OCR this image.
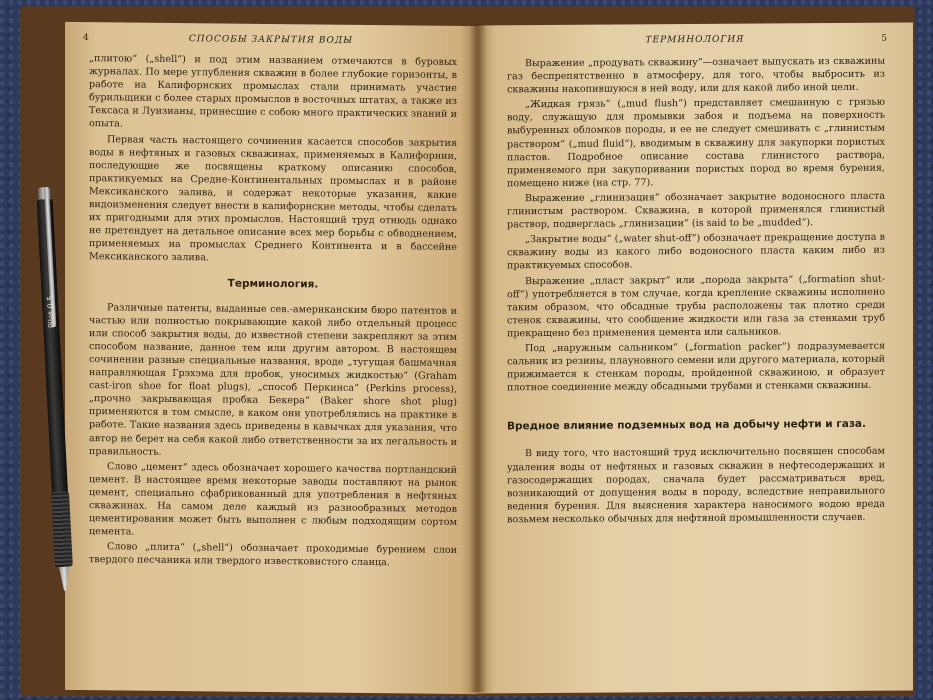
4	СПОСОБЫ ЗАКРЫТИЯ ВОДЫ

„плитою“ („shell“) и под этим названием отмечаются в буровых журналах. По мере углубления скважин в более глубокие горизонты, в работе на Калифорнских промыслах стали принимать участие бурильщики с более старых промыслов в восточных штатах, а также из Тексаса и Луизианы, принесшие с собою много практических знаний и опыта.

Первая часть настоящего сочинения касается способов закрытия воды в нефтяных и газовых скважинах, применяемых в Калифорнии, последующие же посвящены краткому описанию способов, практикуемых на Средне-Континентальных промыслах и в районе Мексиканского залива, и содержат некоторые указания, какие видоизменения следует внести в калифорнские методы, чтобы сделать их пригодными для этих промыслов. Настоящий труд отнюдь однако не претендует на детальное описание всех мер борьбы с обводнением, применяемых на промыслах Среднего Континента и в бассейне Мексиканского залива.

Терминология.

Различные патенты, выданные сев.-американским бюро патентов и частью или полностью покрывающие какой либо отдельный процесс или способ закрытия воды, до известной степени закрепляют за этим способом название, данное тем или другим автором. В настоящем сочинении разные специальные названия, вроде „тугущая башмачная направляющая Грэхэма для пробок, уносимых жидкостью“ (Graham cast-iron shoe for float plugs), „способ Перкинса“ (Perkins process), „прочно закрывающая пробка Бекера“ (Baker shore shot plug) применяются в том смысле, в каком они употреблялись на практике в работе. Такие названия здесь приведены в кавычках для указания, что автор не берет на себя какой либо ответственности за их легальность и правильность.

Слово „цемент“ здесь обозначает хорошего качества портландский цемент. В настоящее время некоторые заводы поставляют на рынок цемент, специально сфабрикованный для употребления в нефтяных скважинах. На самом деле каждый из разнообразных методов цементирования может быть выполнен с любым подходящим сортом цемента.

Слово „плита“ („shell“) обозначает проходимые бурением слои твердого песчаника или твердого известковистого сланца.

ТЕРМИНОЛОГИЯ	5

Выражение „продувать скважину“—означает выпускать из скважины газ беспрепятственно в атмосферу, для того, чтобы выбросить из скважины накопившуюся в ней воду, или для какой либо иной цели.

„Жидкая грязь“ („mud flush“) представляет смешанную с грязью воду, служащую для промывки забоя и подъема на поверхность выбуренных обломков породы, и ее не следует смешивать с „глинистым раствором“ („mud fluid“), вводимым в скважину для закупорки пористых пластов. Подробное описание состава глинистого раствора, применяемого при закупоривании пористых пород во время бурения, помещено ниже (на стр. 77).

Выражение „глинизация“ обозначает закрытие водоносного пласта глинистым раствором. Скважина, в которой применялся глинистый раствор, подверглась „глинизации“ (is said to be „mudded“).

„Закрытие воды“ („water shut-off“) обозначает прекращение доступа в скважину воды из какого либо водоносного пласта каким либо из практикуемых способов.

Выражение „пласт закрыт“ или „порода закрыта“ („formation shut-off“) употребляется в том случае, когда крепление скважины исполнено таким образом, что обсадные трубы расположены так плотно среди стенок скважины, что сообщение жидкости или газа за стенками труб прекращено без применения цемента или сальников.

Под „наружным сальником“ („formation packer“) подразумевается сальник из резины, плауновного семени или другого материала, который прижимается к стенкам породы, пройденной скважиною, и образует плотное соединение между обсадными трубами и стенками скважины.

Вредное влияние подземных вод на добычу нефти и газа.

В виду того, что настоящий труд исключительно посвящен способам удаления воды от нефтяных и газовых скважин в нефтесодержащих и газосодержащих породах, сначала будет рассматриваться вред, возникающий от допущения воды в породу, вследствие неправильного ведения бурения. Для выяснения характера наносимого водою вреда возьмем несколько обычных для нефтяной промышленности случаев.

Pilot 0.5
